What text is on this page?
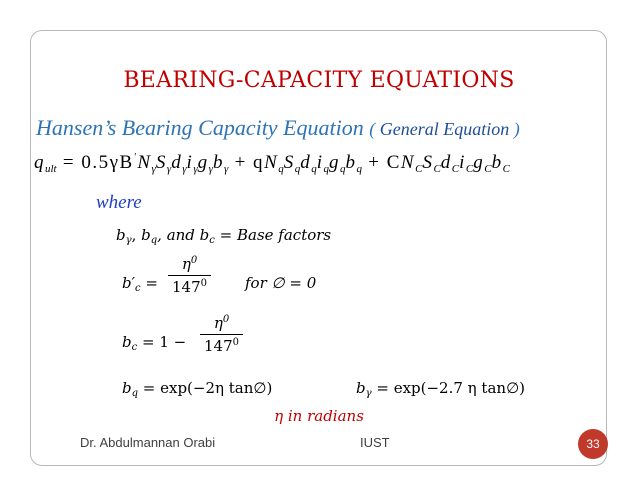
BEARING-CAPACITY EQUATIONS
Hansen’s Bearing Capacity Equation ( General Equation )
$q_{ult} = 0.5\gamma B'N_\gamma S_\gamma d_\gamma i_\gamma g_\gamma b_\gamma + qN_qS_qd_qi_qg_qb_q + CN_CS_Cd_Ci_Cg_Cb_C$
where
$b_\gamma$, $b_q$, and $b_c$ = Base factors
$b'_c = \frac{\eta^0}{147^0}$ for ∅ = 0
$b_c = 1 - \frac{\eta^0}{147^0}$
$b_q = \exp(-2\eta$ tan∅)	$b_\gamma = \exp(-2.7$ η tan∅)
η in radians
Dr. Abdulmannan Orabi	IUST	33
